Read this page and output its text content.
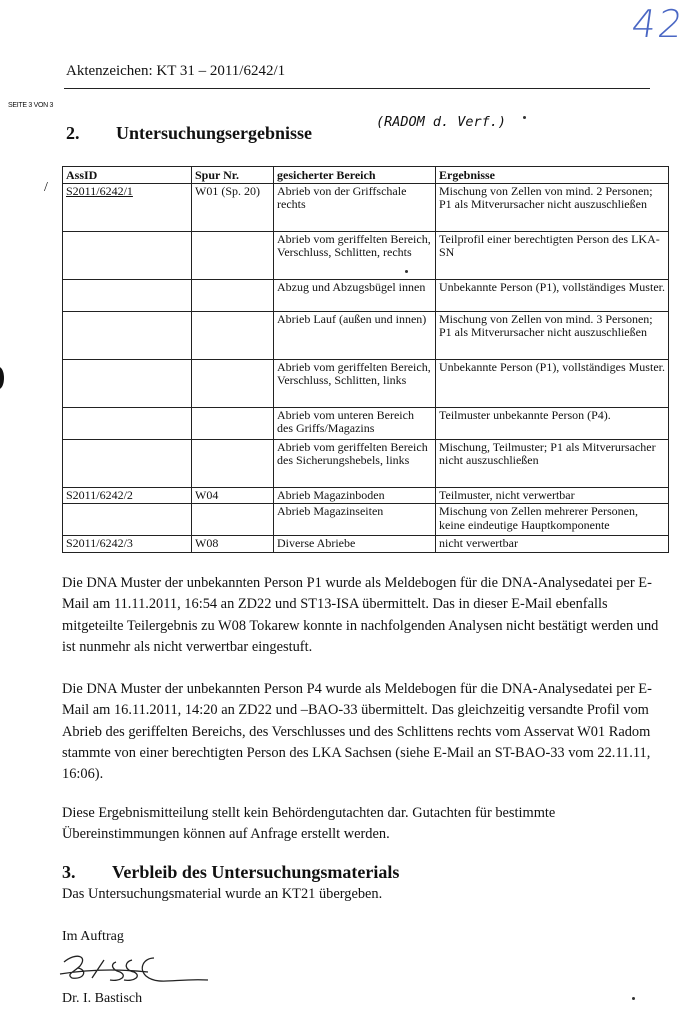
42
Aktenzeichen: KT 31 – 2011/6242/1
SEITE 3 VON 3
2. Untersuchungsergebnisse
(RADOM d. Verf.)
/
AssID	Spur Nr.	gesicherter Bereich	Ergebnisse
S2011/6242/1	W01 (Sp. 20)	Abrieb von der Griffschale rechts	Mischung von Zellen von mind. 2 Personen; P1 als Mitverursacher nicht auszuschließen
		Abrieb vom geriffelten Bereich, Verschluss, Schlitten, rechts	Teilprofil einer berechtigten Person des LKA-SN
		Abzug und Abzugsbügel innen	Unbekannte Person (P1), vollständiges Muster.
		Abrieb Lauf (außen und innen)	Mischung von Zellen von mind. 3 Personen; P1 als Mitverursacher nicht auszuschließen
		Abrieb vom geriffelten Bereich, Verschluss, Schlitten, links	Unbekannte Person (P1), vollständiges Muster.
		Abrieb vom unteren Bereich des Griffs/Magazins	Teilmuster unbekannte Person (P4).
		Abrieb vom geriffelten Bereich des Sicherungshebels, links	Mischung, Teilmuster; P1 als Mitverursacher nicht auszuschließen
S2011/6242/2	W04	Abrieb Magazinboden	Teilmuster, nicht verwertbar
		Abrieb Magazinseiten	Mischung von Zellen mehrerer Personen, keine eindeutige Hauptkomponente
S2011/6242/3	W08	Diverse Abriebe	nicht verwertbar
Die DNA Muster der unbekannten Person P1 wurde als Meldebogen für die DNA-Analysedatei per E-Mail am 11.11.2011, 16:54 an ZD22 und ST13-ISA übermittelt. Das in dieser E-Mail ebenfalls mitgeteilte Teilergebnis zu W08 Tokarew konnte in nachfolgenden Analysen nicht bestätigt werden und ist nunmehr als nicht verwertbar eingestuft.
Die DNA Muster der unbekannten Person P4 wurde als Meldebogen für die DNA-Analysedatei per E-Mail am 16.11.2011, 14:20 an ZD22 und –BAO-33 übermittelt. Das gleichzeitig versandte Profil vom Abrieb des geriffelten Bereichs, des Verschlusses und des Schlittens rechts vom Asservat W01 Radom stammte von einer berechtigten Person des LKA Sachsen (siehe E-Mail an ST-BAO-33 vom 22.11.11, 16:06).
Diese Ergebnismitteilung stellt kein Behördengutachten dar. Gutachten für bestimmte Übereinstimmungen können auf Anfrage erstellt werden.
3. Verbleib des Untersuchungsmaterials
Das Untersuchungsmaterial wurde an KT21 übergeben.
Im Auftrag
Dr. I. Bastisch
